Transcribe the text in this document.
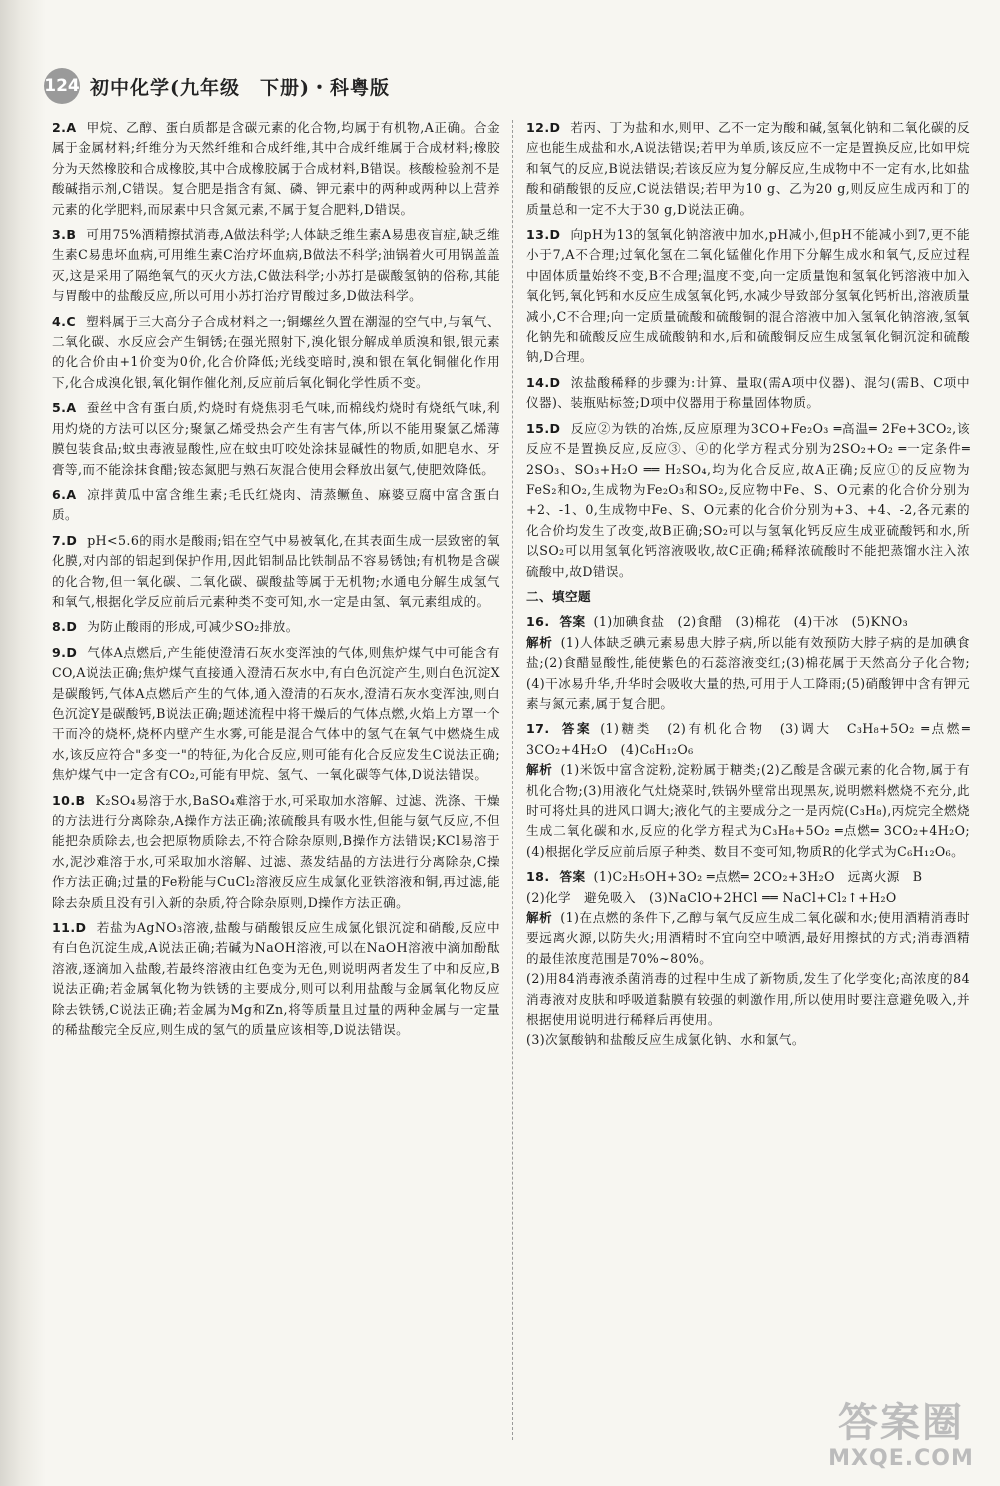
124 初中化学(九年级　下册)・科粤版
2.A 甲烷、乙醇、蛋白质都是含碳元素的化合物,均属于有机物,A正确。合金属于金属材料;纤维分为天然纤维和合成纤维,其中合成纤维属于合成材料;橡胶分为天然橡胶和合成橡胶,其中合成橡胶属于合成材料,B错误。核酸检验剂不是酸碱指示剂,C错误。复合肥是指含有氮、磷、钾元素中的两种或两种以上营养元素的化学肥料,而尿素中只含氮元素,不属于复合肥料,D错误。
3.B 可用75%酒精擦拭消毒,A做法科学;人体缺乏维生素A易患夜盲症,缺乏维生素C易患坏血病,可用维生素C治疗坏血病,B做法不科学;油锅着火可用锅盖盖灭,这是采用了隔绝氧气的灭火方法,C做法科学;小苏打是碳酸氢钠的俗称,其能与胃酸中的盐酸反应,所以可用小苏打治疗胃酸过多,D做法科学。
4.C 塑料属于三大高分子合成材料之一;铜螺丝久置在潮湿的空气中,与氧气、二氧化碳、水反应会产生铜锈;在强光照射下,溴化银分解成单质溴和银,银元素的化合价由+1价变为0价,化合价降低;光线变暗时,溴和银在氧化铜催化作用下,化合成溴化银,氧化铜作催化剂,反应前后氧化铜化学性质不变。
5.A 蚕丝中含有蛋白质,灼烧时有烧焦羽毛气味,而棉线灼烧时有烧纸气味,利用灼烧的方法可以区分;聚氯乙烯受热会产生有害气体,所以不能用聚氯乙烯薄膜包装食品;蚊虫毒液显酸性,应在蚊虫叮咬处涂抹显碱性的物质,如肥皂水、牙膏等,而不能涂抹食醋;铵态氮肥与熟石灰混合使用会释放出氨气,使肥效降低。
6.A 凉拌黄瓜中富含维生素;毛氏红烧肉、清蒸鳜鱼、麻婆豆腐中富含蛋白质。
7.D pH<5.6的雨水是酸雨;铝在空气中易被氧化,在其表面生成一层致密的氧化膜,对内部的铝起到保护作用,因此铝制品比铁制品不容易锈蚀;有机物是含碳的化合物,但一氧化碳、二氧化碳、碳酸盐等属于无机物;水通电分解生成氢气和氧气,根据化学反应前后元素种类不变可知,水一定是由氢、氧元素组成的。
8.D 为防止酸雨的形成,可减少SO₂排放。
9.D 气体A点燃后,产生能使澄清石灰水变浑浊的气体,则焦炉煤气中可能含有CO,A说法正确;焦炉煤气直接通入澄清石灰水中,有白色沉淀产生,则白色沉淀X是碳酸钙,气体A点燃后产生的气体,通入澄清的石灰水,澄清石灰水变浑浊,则白色沉淀Y是碳酸钙,B说法正确;题述流程中将干燥后的气体点燃,火焰上方罩一个干而冷的烧杯,烧杯内壁产生水雾,可能是混合气体中的氢气在氧气中燃烧生成水,该反应符合"多变一"的特征,为化合反应,则可能有化合反应发生C说法正确;焦炉煤气中一定含有CO₂,可能有甲烷、氢气、一氧化碳等气体,D说法错误。
10.B K₂SO₄易溶于水,BaSO₄难溶于水,可采取加水溶解、过滤、洗涤、干燥的方法进行分离除杂,A操作方法正确;浓硫酸具有吸水性,但能与氨气反应,不但能把杂质除去,也会把原物质除去,不符合除杂原则,B操作方法错误;KCl易溶于水,泥沙难溶于水,可采取加水溶解、过滤、蒸发结晶的方法进行分离除杂,C操作方法正确;过量的Fe粉能与CuCl₂溶液反应生成氯化亚铁溶液和铜,再过滤,能除去杂质且没有引入新的杂质,符合除杂原则,D操作方法正确。
11.D 若盐为AgNO₃溶液,盐酸与硝酸银反应生成氯化银沉淀和硝酸,反应中有白色沉淀生成,A说法正确;若碱为NaOH溶液,可以在NaOH溶液中滴加酚酞溶液,逐滴加入盐酸,若最终溶液由红色变为无色,则说明两者发生了中和反应,B说法正确;若金属氧化物为铁锈的主要成分,则可以利用盐酸与金属氧化物反应除去铁锈,C说法正确;若金属为Mg和Zn,将等质量且过量的两种金属与一定量的稀盐酸完全反应,则生成的氢气的质量应该相等,D说法错误。
12.D 若丙、丁为盐和水,则甲、乙不一定为酸和碱,氢氧化钠和二氧化碳的反应也能生成盐和水,A说法错误;若甲为单质,该反应不一定是置换反应,比如甲烷和氧气的反应,B说法错误;若该反应为复分解反应,生成物中不一定有水,比如盐酸和硝酸银的反应,C说法错误;若甲为10 g、乙为20 g,则反应生成丙和丁的质量总和一定不大于30 g,D说法正确。
13.D 向pH为13的氢氧化钠溶液中加水,pH减小,但pH不能减小到7,更不能小于7,A不合理;过氧化氢在二氧化锰催化作用下分解生成水和氧气,反应过程中固体质量始终不变,B不合理;温度不变,向一定质量饱和氢氧化钙溶液中加入氧化钙,氧化钙和水反应生成氢氧化钙,水减少导致部分氢氧化钙析出,溶液质量减小,C不合理;向一定质量硫酸和硫酸铜的混合溶液中加入氢氧化钠溶液,氢氧化钠先和硫酸反应生成硫酸钠和水,后和硫酸铜反应生成氢氧化铜沉淀和硫酸钠,D合理。
14.D 浓盐酸稀释的步骤为:计算、量取(需A项中仪器)、混匀(需B、C项中仪器)、装瓶贴标签;D项中仪器用于称量固体物质。
15.D 反应②为铁的冶炼,反应原理为3CO+Fe₂O₃ ═高温═ 2Fe+3CO₂,该反应不是置换反应,反应③、④的化学方程式分别为2SO₂+O₂ ═一定条件═ 2SO₃、SO₃+H₂O ══ H₂SO₄,均为化合反应,故A正确;反应①的反应物为FeS₂和O₂,生成物为Fe₂O₃和SO₂,反应物中Fe、S、O元素的化合价分别为+2、-1、0,生成物中Fe、S、O元素的化合价分别为+3、+4、-2,各元素的化合价均发生了改变,故B正确;SO₂可以与氢氧化钙反应生成亚硫酸钙和水,所以SO₂可以用氢氧化钙溶液吸收,故C正确;稀释浓硫酸时不能把蒸馏水注入浓硫酸中,故D错误。
二、填空题
16. 答案 (1)加碘食盐　(2)食醋　(3)棉花　(4)干冰　(5)KNO₃
解析 (1)人体缺乏碘元素易患大脖子病,所以能有效预防大脖子病的是加碘食盐;(2)食醋显酸性,能使紫色的石蕊溶液变红;(3)棉花属于天然高分子化合物;(4)干冰易升华,升华时会吸收大量的热,可用于人工降雨;(5)硝酸钾中含有钾元素与氮元素,属于复合肥。
17. 答案 (1)糖类　(2)有机化合物　(3)调大　C₃H₈+5O₂ ═点燃═ 3CO₂+4H₂O　(4)C₆H₁₂O₆
解析 (1)米饭中富含淀粉,淀粉属于糖类;(2)乙酸是含碳元素的化合物,属于有机化合物;(3)用液化气灶烧菜时,铁锅外壁常出现黑灰,说明燃料燃烧不充分,此时可将灶具的进风口调大;液化气的主要成分之一是丙烷(C₃H₈),丙烷完全燃烧生成二氧化碳和水,反应的化学方程式为C₃H₈+5O₂ ═点燃═ 3CO₂+4H₂O;(4)根据化学反应前后原子种类、数目不变可知,物质R的化学式为C₆H₁₂O₆。
18. 答案 (1)C₂H₅OH+3O₂ ═点燃═ 2CO₂+3H₂O　远离火源　B
(2)化学　避免吸入　(3)NaClO+2HCl ══ NaCl+Cl₂↑+H₂O
解析 (1)在点燃的条件下,乙醇与氧气反应生成二氧化碳和水;使用酒精消毒时要远离火源,以防失火;用酒精时不宜向空中喷洒,最好用擦拭的方式;消毒酒精的最佳浓度范围是70%~80%。
(2)用84消毒液杀菌消毒的过程中生成了新物质,发生了化学变化;高浓度的84消毒液对皮肤和呼吸道黏膜有较强的刺激作用,所以使用时要注意避免吸入,并根据使用说明进行稀释后再使用。
(3)次氯酸钠和盐酸反应生成氯化钠、水和氯气。
答案圈
MXQE.COM
